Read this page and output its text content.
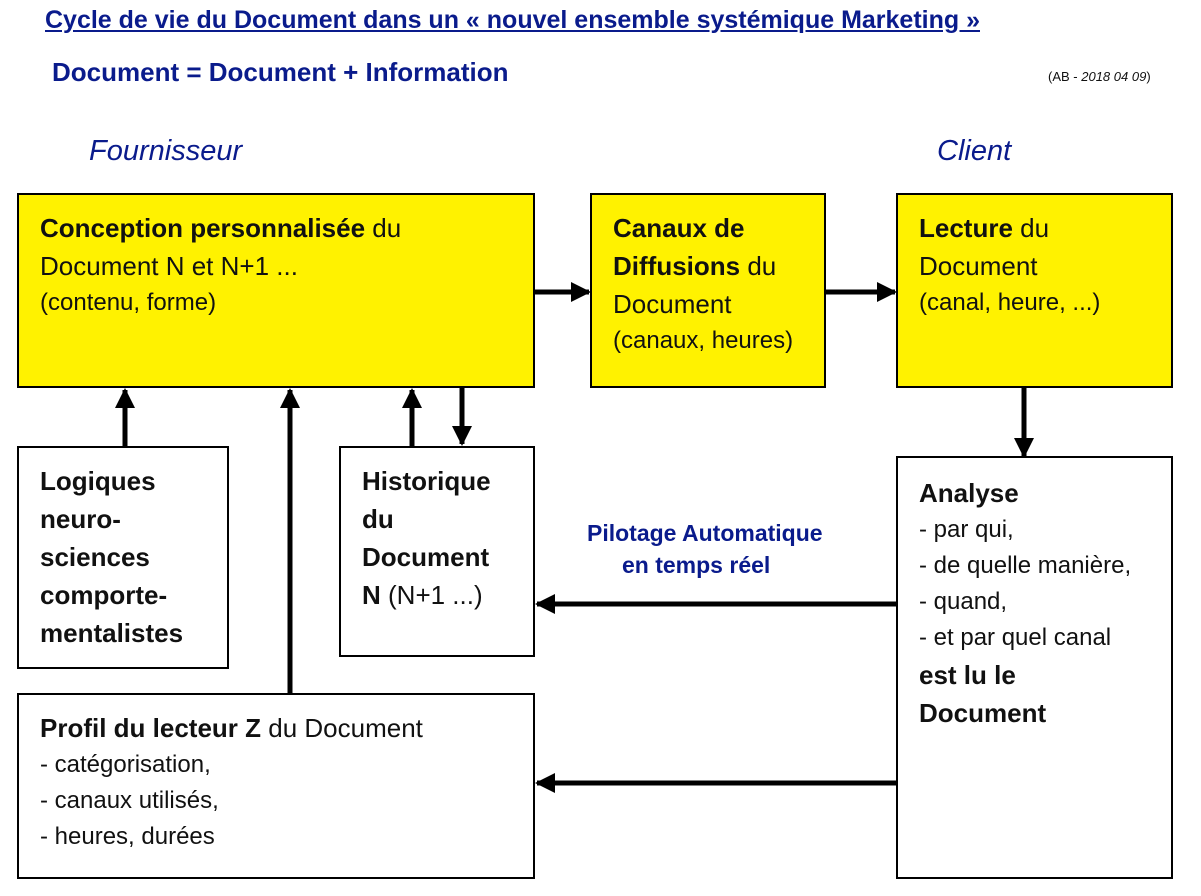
Cycle de vie du Document dans un « nouvel ensemble systémique Marketing »
Document = Document + Information	(AB - 2018 04 09)
Fournisseur	Client
Conception personnalisée du
Document N et N+1 ...
(contenu, forme)
Canaux de
Diffusions du
Document
(canaux, heures)
Lecture du
Document
(canal, heure, ...)
Logiques
neuro-
sciences
comporte-
mentalistes
Historique
du
Document
N (N+1 ...)
Analyse
- par qui,
- de quelle manière,
- quand,
- et par quel canal
est lu le
Document
Profil du lecteur Z du Document
- catégorisation,
- canaux utilisés,
- heures, durées
Pilotage Automatique
en temps réel
